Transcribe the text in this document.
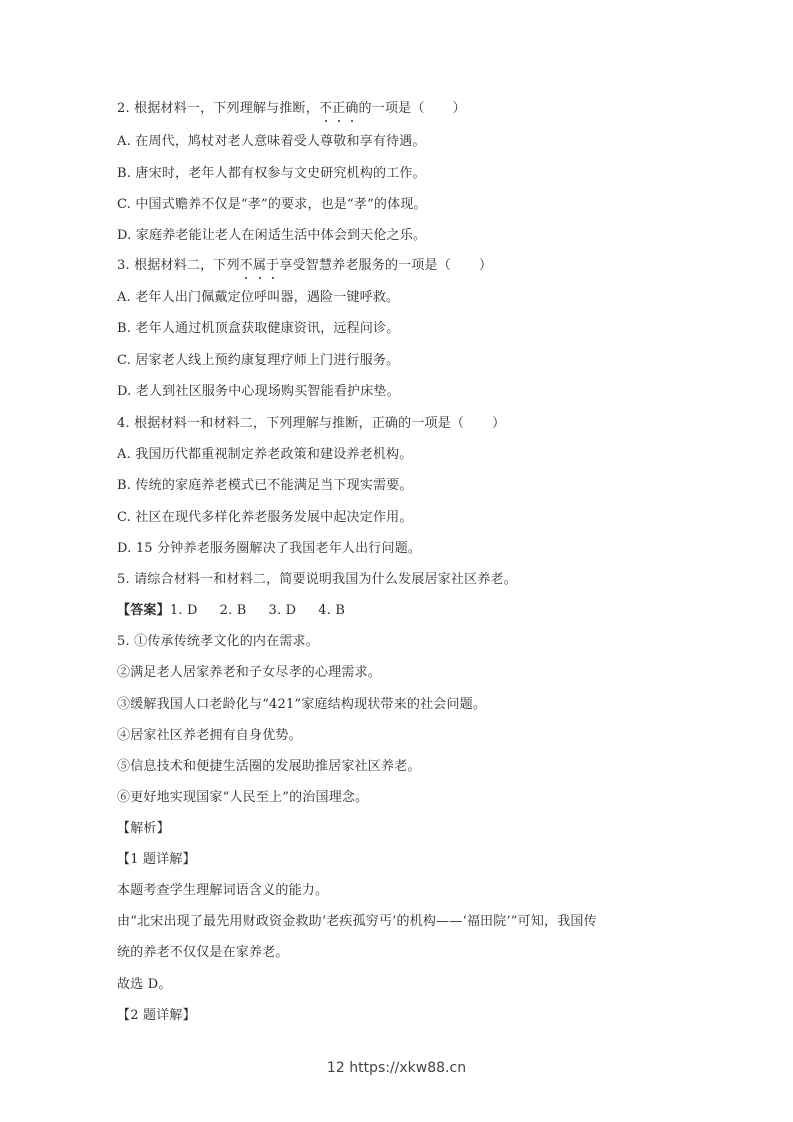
2. 根据材料一，下列理解与推断，不正确的一项是（ ）
A. 在周代，鸠杖对老人意味着受人尊敬和享有待遇。
B. 唐宋时，老年人都有权参与文史研究机构的工作。
C. 中国式赡养不仅是“孝”的要求，也是“孝”的体现。
D. 家庭养老能让老人在闲适生活中体会到天伦之乐。
3. 根据材料二，下列不属于享受智慧养老服务的一项是（ ）
A. 老年人出门佩戴定位呼叫器，遇险一键呼救。
B. 老年人通过机顶盒获取健康资讯，远程问诊。
C. 居家老人线上预约康复理疗师上门进行服务。
D. 老人到社区服务中心现场购买智能看护床垫。
4. 根据材料一和材料二，下列理解与推断，正确的一项是（ ）
A. 我国历代都重视制定养老政策和建设养老机构。
B. 传统的家庭养老模式已不能满足当下现实需要。
C. 社区在现代多样化养老服务发展中起决定作用。
D. 15 分钟养老服务圈解决了我国老年人出行问题。
5. 请综合材料一和材料二，简要说明我国为什么发展居家社区养老。
【答案】1. D 2. B 3. D 4. B
5. ①传承传统孝文化的内在需求。
②满足老人居家养老和子女尽孝的心理需求。
③缓解我国人口老龄化与“421”家庭结构现状带来的社会问题。
④居家社区养老拥有自身优势。
⑤信息技术和便捷生活圈的发展助推居家社区养老。
⑥更好地实现国家“人民至上”的治国理念。
【解析】
【1 题详解】
本题考查学生理解词语含义的能力。
由“北宋出现了最先用财政资金救助‘老疾孤穷丐’的机构——‘福田院’”可知，我国传
统的养老不仅仅是在家养老。
故选 D。
【2 题详解】
12 https://xkw88.cn
